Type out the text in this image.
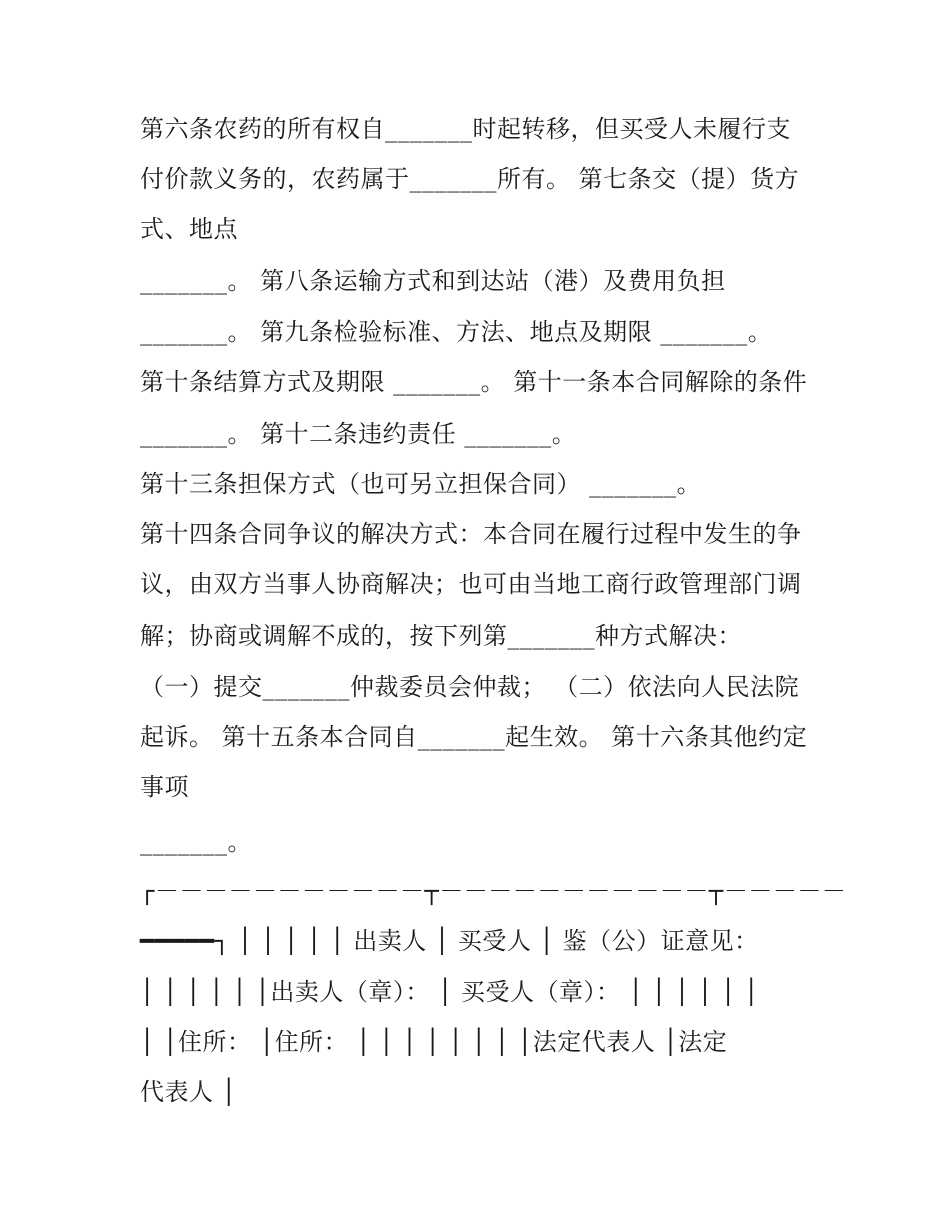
第六条农药的所有权自_______时起转移，但买受人未履行支
付价款义务的，农药属于_______所有。 第七条交（提）货方
式、地点
_______。 第八条运输方式和到达站（港）及费用负担
_______。 第九条检验标准、方法、地点及期限 _______。
第十条结算方式及期限 _______。 第十一条本合同解除的条件
_______。 第十二条违约责任 _______。
第十三条担保方式（也可另立担保合同） _______。
第十四条合同争议的解决方式：本合同在履行过程中发生的争
议，由双方当事人协商解决；也可由当地工商行政管理部门调
解；协商或调解不成的，按下列第_______种方式解决：
（一）提交_______仲裁委员会仲裁； （二）依法向人民法院
起诉。 第十五条本合同自_______起生效。 第十六条其他约定
事项
_______。
┌－－－－－－－－－－－┬－－－－－－－－－－－┬－－－－－
━━━━━┐ │ │ │ │ │ 出卖人 │ 买受人 │ 鉴（公）证意见：
│ │ │ │ │ │出卖人（章）： │ 买受人（章）： │ │ │ │ │ │
│ │住所： │住所： │ │ │ │ │ │ │ │法定代表人 │法定
代表人 │
